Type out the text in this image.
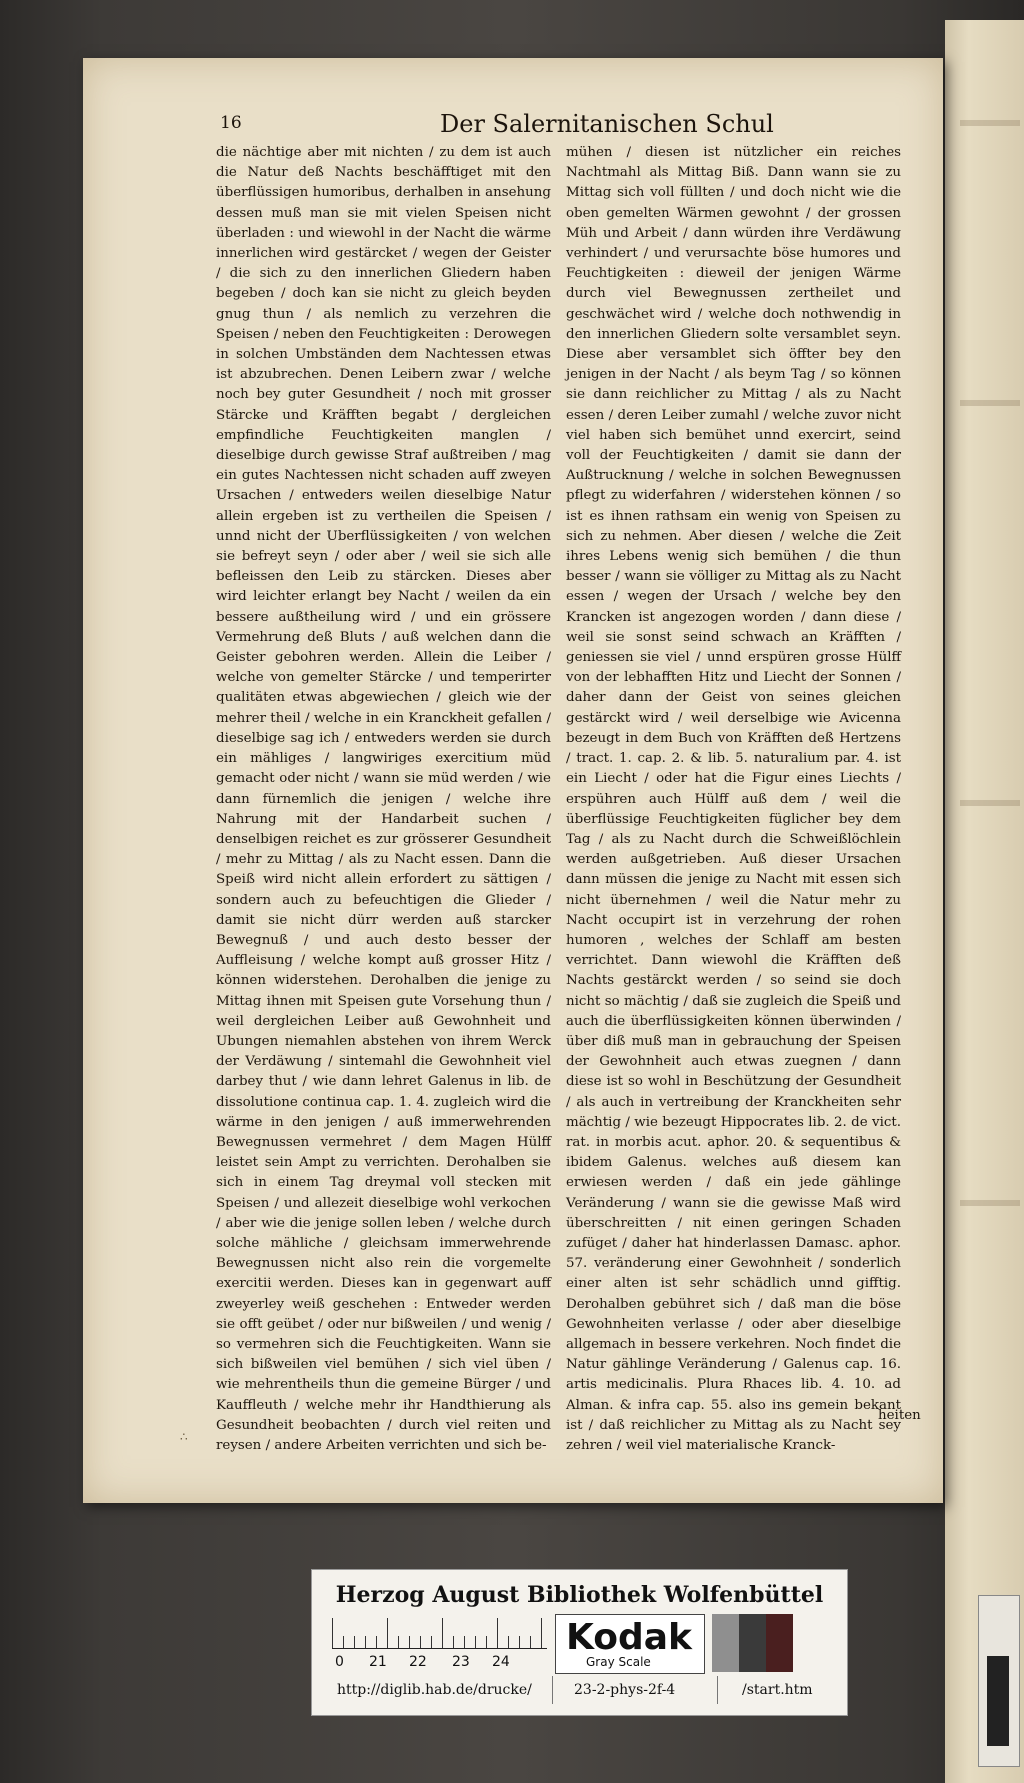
16	Der Salernitanischen Schul
die nächtige aber mit nichten / zu dem ist auch die Natur deß Nachts beschäfftiget mit den überflüssigen humoribus, derhalben in ansehung dessen muß man sie mit vielen Speisen nicht überladen : und wiewohl in der Nacht die wärme innerlichen wird gestärcket / wegen der Geister / die sich zu den innerlichen Gliedern haben begeben / doch kan sie nicht zu gleich beyden gnug thun / als nemlich zu verzehren die Speisen / neben den Feuchtigkeiten : Derowegen in solchen Umbständen dem Nachtessen etwas ist abzubrechen. Denen Leibern zwar / welche noch bey guter Gesundheit / noch mit grosser Stärcke und Kräfften begabt / dergleichen empfindliche Feuchtigkeiten manglen / dieselbige durch gewisse Straf außtreiben / mag ein gutes Nachtessen nicht schaden auff zweyen Ursachen / entweders weilen dieselbige Natur allein ergeben ist zu vertheilen die Speisen / unnd nicht der Uberflüssigkeiten / von welchen sie befreyt seyn / oder aber / weil sie sich alle befleissen den Leib zu stärcken. Dieses aber wird leichter erlangt bey Nacht / weilen da ein bessere außtheilung wird / und ein grössere Vermehrung deß Bluts / auß welchen dann die Geister gebohren werden. Allein die Leiber / welche von gemelter Stärcke / und temperirter qualitäten etwas abgewiechen / gleich wie der mehrer theil / welche in ein Kranckheit gefallen / dieselbige sag ich / entweders werden sie durch ein mähliges / langwiriges exercitium müd gemacht oder nicht / wann sie müd werden / wie dann fürnemlich die jenigen / welche ihre Nahrung mit der Handarbeit suchen / denselbigen reichet es zur grösserer Gesundheit / mehr zu Mittag / als zu Nacht essen. Dann die Speiß wird nicht allein erfordert zu sättigen / sondern auch zu befeuchtigen die Glieder / damit sie nicht dürr werden auß starcker Bewegnuß / und auch desto besser der Auffleisung / welche kompt auß grosser Hitz / können widerstehen. Derohalben die jenige zu Mittag ihnen mit Speisen gute Vorsehung thun / weil dergleichen Leiber auß Gewohnheit und Ubungen niemahlen abstehen von ihrem Werck der Verdäwung / sintemahl die Gewohnheit viel darbey thut / wie dann lehret Galenus in lib. de dissolutione continua cap. 1. 4. zugleich wird die wärme in den jenigen / auß immerwehrenden Bewegnussen vermehret / dem Magen Hülff leistet sein Ampt zu verrichten. Derohalben sie sich in einem Tag dreymal voll stecken mit Speisen / und allezeit dieselbige wohl verkochen / aber wie die jenige sollen leben / welche durch solche mähliche / gleichsam immerwehrende Bewegnussen nicht also rein die vorgemelte exercitii werden. Dieses kan in gegenwart auff zweyerley weiß geschehen : Entweder werden sie offt geübet / oder nur bißweilen / und wenig / so vermehren sich die Feuchtigkeiten. Wann sie sich bißweilen viel bemühen / sich viel üben / wie mehrentheils thun die gemeine Bürger / und Kauffleuth / welche mehr ihr Handthierung als Gesundheit beobachten / durch viel reiten und reysen / andere Arbeiten verrichten und sich be-
mühen / diesen ist nützlicher ein reiches Nachtmahl als Mittag Biß. Dann wann sie zu Mittag sich voll füllten / und doch nicht wie die oben gemelten Wärmen gewohnt / der grossen Müh und Arbeit / dann würden ihre Verdäwung verhindert / und verursachte böse humores und Feuchtigkeiten : dieweil der jenigen Wärme durch viel Bewegnussen zertheilet und geschwächet wird / welche doch nothwendig in den innerlichen Gliedern solte versamblet seyn. Diese aber versamblet sich öffter bey den jenigen in der Nacht / als beym Tag / so können sie dann reichlicher zu Mittag / als zu Nacht essen / deren Leiber zumahl / welche zuvor nicht viel haben sich bemühet unnd exercirt, seind voll der Feuchtigkeiten / damit sie dann der Außtrucknung / welche in solchen Bewegnussen pflegt zu widerfahren / widerstehen können / so ist es ihnen rathsam ein wenig von Speisen zu sich zu nehmen. Aber diesen / welche die Zeit ihres Lebens wenig sich bemühen / die thun besser / wann sie völliger zu Mittag als zu Nacht essen / wegen der Ursach / welche bey den Krancken ist angezogen worden / dann diese / weil sie sonst seind schwach an Kräfften / geniessen sie viel / unnd erspüren grosse Hülff von der lebhafften Hitz und Liecht der Sonnen / daher dann der Geist von seines gleichen gestärckt wird / weil derselbige wie Avicenna bezeugt in dem Buch von Kräfften deß Hertzens / tract. 1. cap. 2. & lib. 5. naturalium par. 4. ist ein Liecht / oder hat die Figur eines Liechts / erspühren auch Hülff auß dem / weil die überflüssige Feuchtigkeiten füglicher bey dem Tag / als zu Nacht durch die Schweißlöchlein werden außgetrieben. Auß dieser Ursachen dann müssen die jenige zu Nacht mit essen sich nicht übernehmen / weil die Natur mehr zu Nacht occupirt ist in verzehrung der rohen humoren , welches der Schlaff am besten verrichtet. Dann wiewohl die Kräfften deß Nachts gestärckt werden / so seind sie doch nicht so mächtig / daß sie zugleich die Speiß und auch die überflüssigkeiten können überwinden / über diß muß man in gebrauchung der Speisen der Gewohnheit auch etwas zuegnen / dann diese ist so wohl in Beschützung der Gesundheit / als auch in vertreibung der Kranckheiten sehr mächtig / wie bezeugt Hippocrates lib. 2. de vict. rat. in morbis acut. aphor. 20. & sequentibus & ibidem Galenus. welches auß diesem kan erwiesen werden / daß ein jede gählinge Veränderung / wann sie die gewisse Maß wird überschreitten / nit einen geringen Schaden zufüget / daher hat hinderlassen Damasc. aphor. 57. veränderung einer Gewohnheit / sonderlich einer alten ist sehr schädlich unnd gifftig. Derohalben gebühret sich / daß man die böse Gewohnheiten verlasse / oder aber dieselbige allgemach in bessere verkehren. Noch findet die Natur gählinge Veränderung / Galenus cap. 16. artis medicinalis. Plura Rhaces lib. 4. 10. ad Alman. & infra cap. 55. also ins gemein bekant ist / daß reichlicher zu Mittag als zu Nacht sey zehren / weil viel materialische Kranck-
heiten
∴
Herzog August Bibliothek Wolfenbüttel
0 21 22 23 24
Kodak
Gray Scale
http://diglib.hab.de/drucke/	23-2-phys-2f-4	/start.htm
